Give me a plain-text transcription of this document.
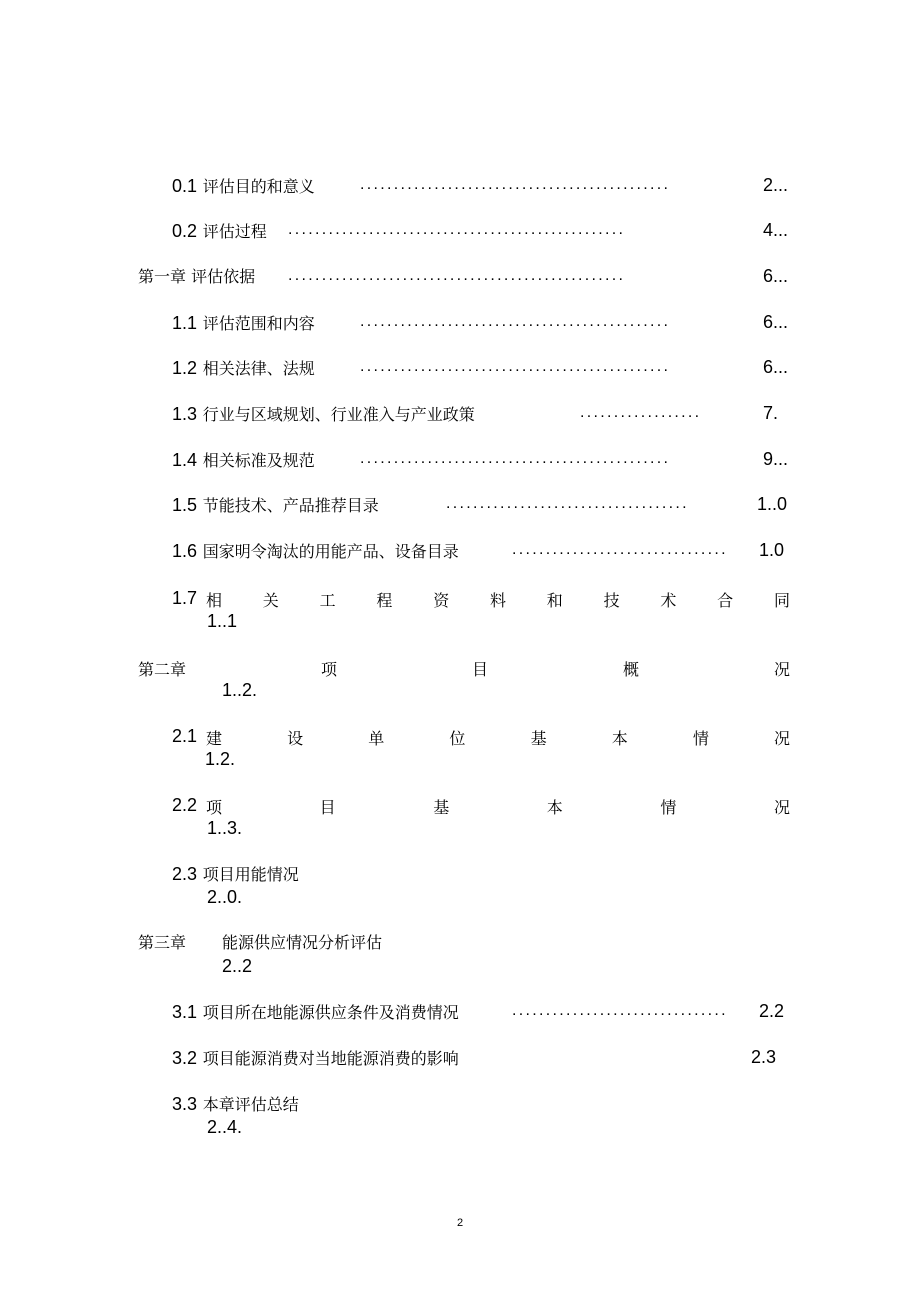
0.1 评估目的和意义	..............................................	2...
0.2 评估过程 ..................................................	4...
第一章 评估依据 ..................................................	6...
1.1 评估范围和内容	..............................................	6...
1.2 相关法律、法规	..............................................	6...
1.3 行业与区域规划、行业准入与产业政策	..................	7.
1.4 相关标准及规范	..............................................	9...
1.5 节能技术、产品推荐目录	....................................	1..0
1.6 国家明令淘汰的用能产品、设备目录	................................	1.0
1.7 相	关	工	程	资	料	和	技	术	合	同
1..1
第二章	项	目	概	况
1..2.
2.1 建	设	单	位	基	本	情	况
1.2.
2.2 项	目	基	本	情	况
1..3.
2.3 项目用能情况
2..0.
第三章 能源供应情况分析评估
2..2
3.1 项目所在地能源供应条件及消费情况	................................	2.2
3.2 项目能源消费对当地能源消费的影响	2.3
3.3 本章评估总结
2..4.
2
